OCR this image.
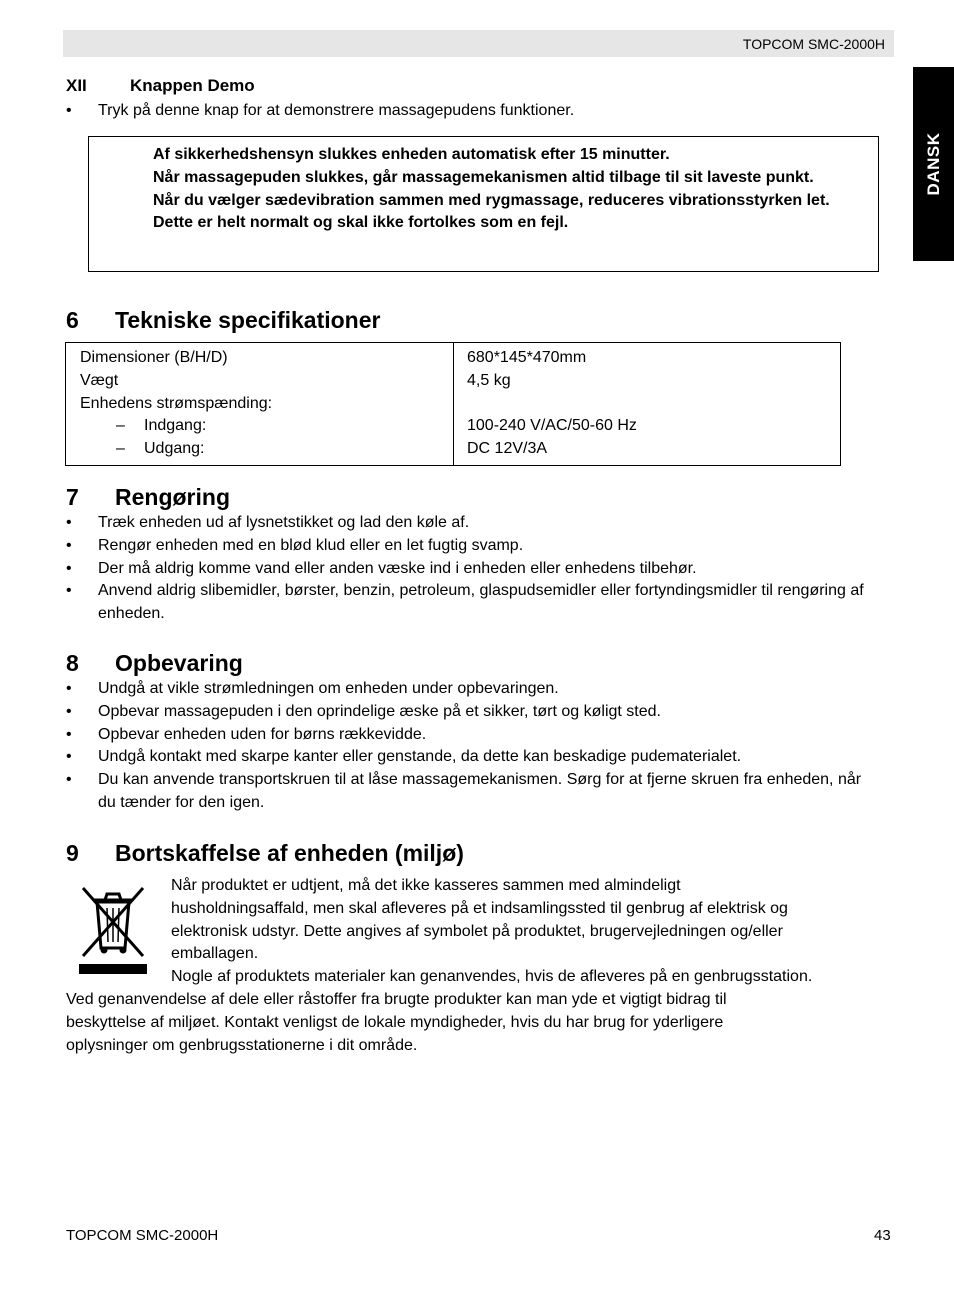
TOPCOM SMC-2000H
DANSK
XII	Knappen Demo
• Tryk på denne knap for at demonstrere massagepudens funktioner.

Af sikkerhedshensyn slukkes enheden automatisk efter 15 minutter.

Når massagepuden slukkes, går massagemekanismen altid tilbage til sit laveste punkt.

Når du vælger sædevibration sammen med rygmassage, reduceres vibrationsstyrken let. Dette er helt normalt og skal ikke fortolkes som en fejl.

6 Tekniske specifikationer
Dimensioner (B/H/D)
Vægt
Enhedens strømspænding:
– Indgang:
– Udgang:
680*145*470mm
4,5 kg
100-240 V/AC/50-60 Hz
DC 12V/3A
7 Rengøring
• Træk enheden ud af lysnetstikket og lad den køle af.
• Rengør enheden med en blød klud eller en let fugtig svamp.
• Der må aldrig komme vand eller anden væske ind i enheden eller enhedens tilbehør.
• Anvend aldrig slibemidler, børster, benzin, petroleum, glaspudsemidler eller fortyndingsmidler til rengøring af enheden.
8 Opbevaring
• Undgå at vikle strømledningen om enheden under opbevaringen.
• Opbevar massagepuden i den oprindelige æske på et sikker, tørt og køligt sted.
• Opbevar enheden uden for børns rækkevidde.
• Undgå kontakt med skarpe kanter eller genstande, da dette kan beskadige pudematerialet.
• Du kan anvende transportskruen til at låse massagemekanismen. Sørg for at fjerne skruen fra enheden, når du tænder for den igen.
9 Bortskaffelse af enheden (miljø)
Når produktet er udtjent, må det ikke kasseres sammen med almindeligt
husholdningsaffald, men skal afleveres på et indsamlingssted til genbrug af elektrisk og
elektronisk udstyr. Dette angives af symbolet på produktet, brugervejledningen og/eller
emballagen.
Nogle af produktets materialer kan genanvendes, hvis de afleveres på en genbrugsstation.
Ved genanvendelse af dele eller råstoffer fra brugte produkter kan man yde et vigtigt bidrag til
beskyttelse af miljøet. Kontakt venligst de lokale myndigheder, hvis du har brug for yderligere
oplysninger om genbrugsstationerne i dit område.
TOPCOM SMC-2000H	43
